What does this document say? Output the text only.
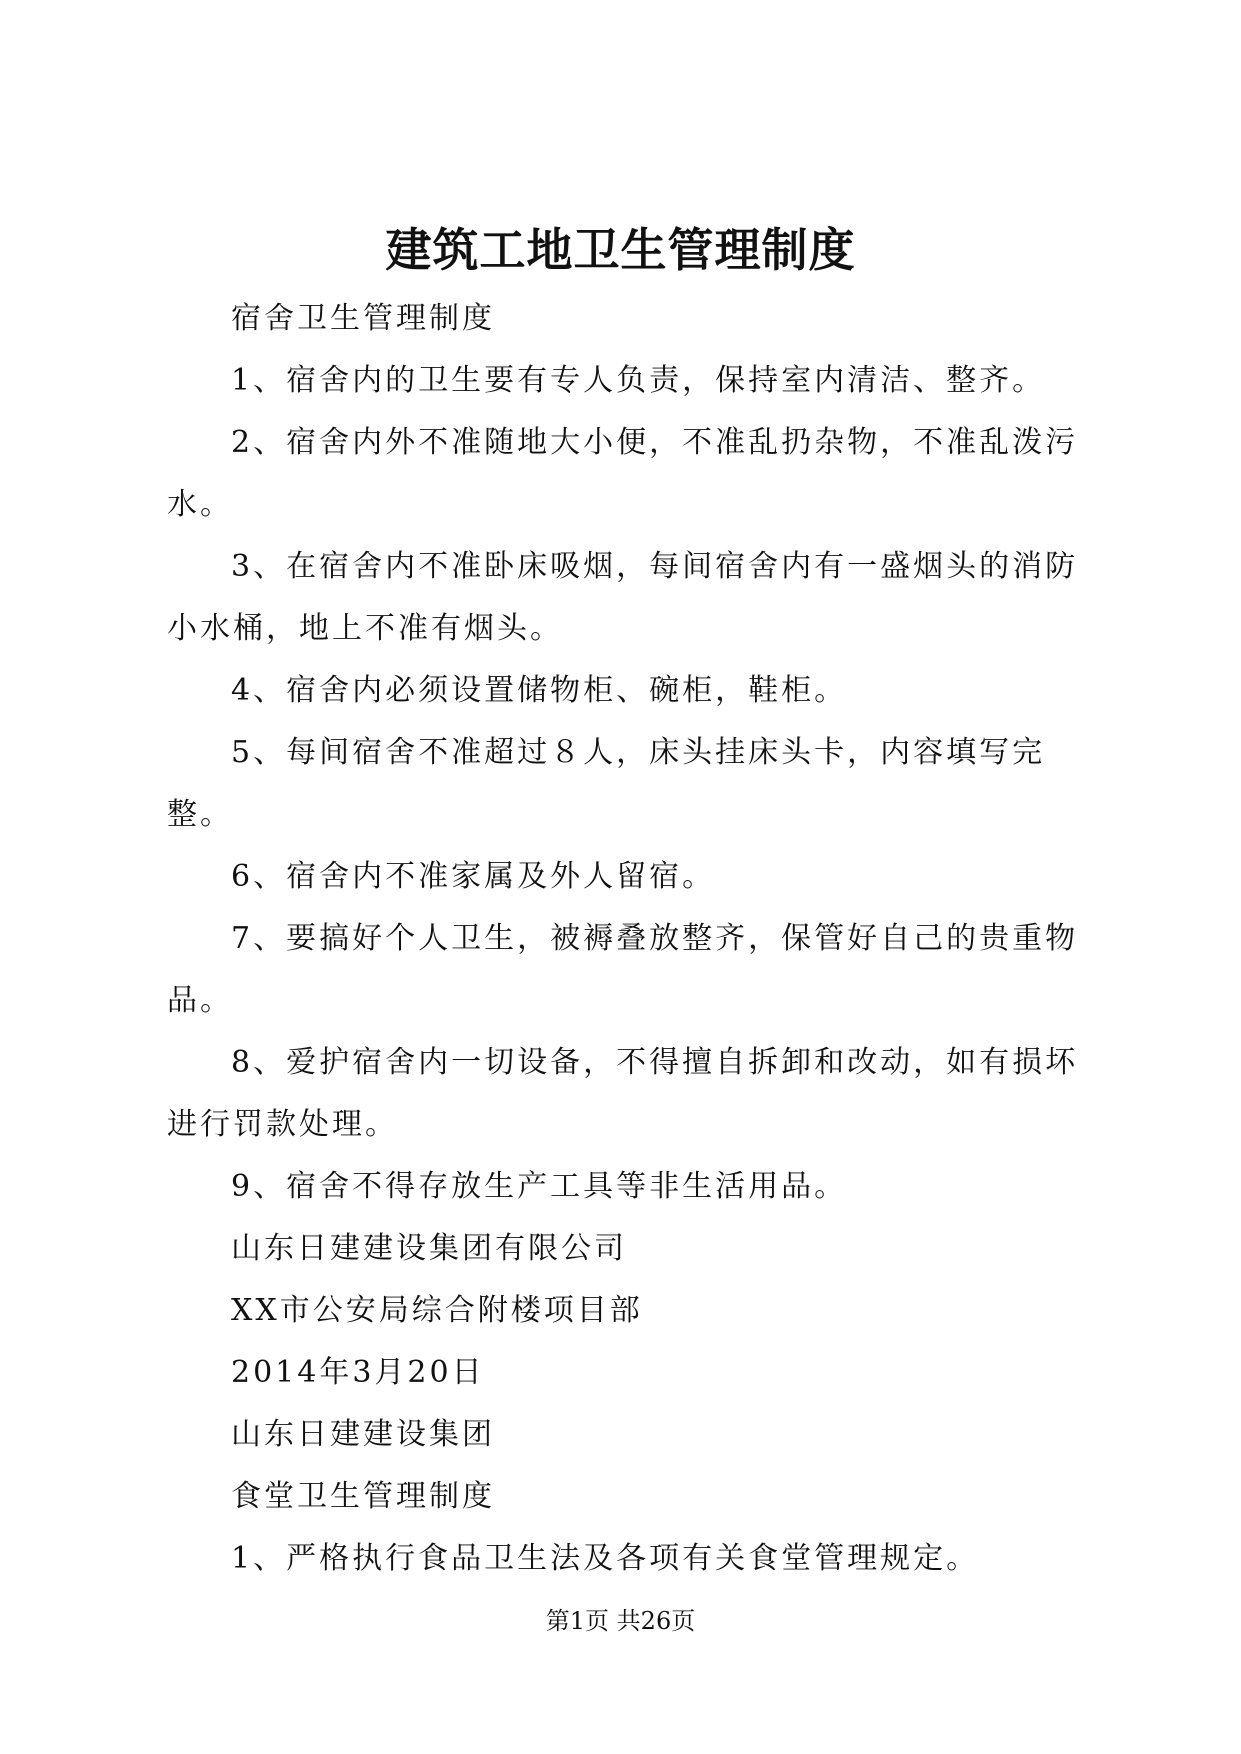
建筑工地卫生管理制度

宿舍卫生管理制度

1、宿舍内的卫生要有专人负责，保持室内清洁、整齐。

2、宿舍内外不准随地大小便，不准乱扔杂物，不准乱泼污水。

3、在宿舍内不准卧床吸烟，每间宿舍内有一盛烟头的消防小水桶，地上不准有烟头。

4、宿舍内必须设置储物柜、碗柜，鞋柜。

5、每间宿舍不准超过８人，床头挂床头卡，内容填写完整。

6、宿舍内不准家属及外人留宿。

7、要搞好个人卫生，被褥叠放整齐，保管好自己的贵重物品。

8、爱护宿舍内一切设备，不得擅自拆卸和改动，如有损坏进行罚款处理。

9、宿舍不得存放生产工具等非生活用品。

山东日建建设集团有限公司

XX市公安局综合附楼项目部

2014年3月20日

山东日建建设集团

食堂卫生管理制度

1、严格执行食品卫生法及各项有关食堂管理规定。

第1页 共26页
